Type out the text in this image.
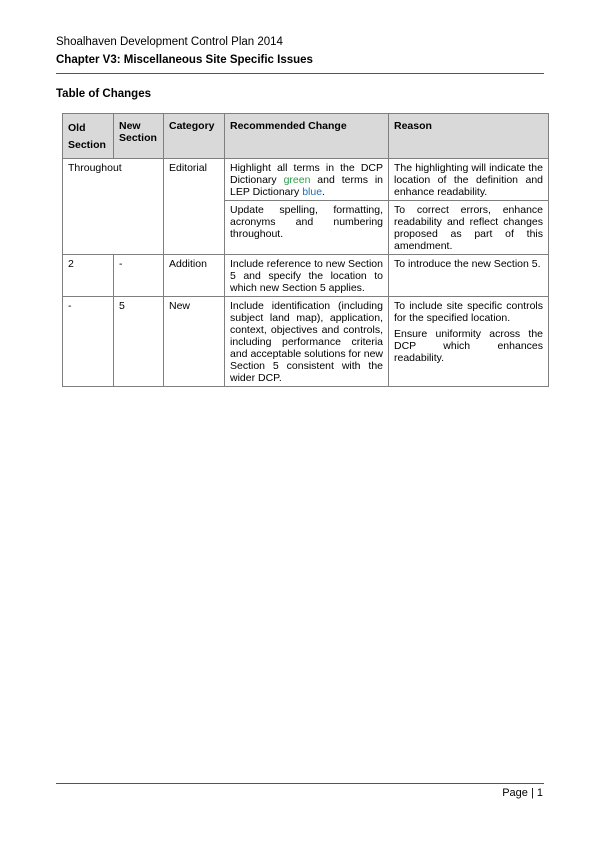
Shoalhaven Development Control Plan 2014
Chapter V3: Miscellaneous Site Specific Issues
Table of Changes
Old
Section	New Section	Category	Recommended Change	Reason
Throughout		Editorial	Highlight all terms in the DCP Dictionary green and terms in LEP Dictionary blue.	The highlighting will indicate the location of the definition and enhance readability.
			Update spelling, formatting, acronyms and numbering throughout.	To correct errors, enhance readability and reflect changes proposed as part of this amendment.
2	-	Addition	Include reference to new Section 5 and specify the location to which new Section 5 applies.	To introduce the new Section 5.
-	5	New	Include identification (including subject land map), application, context, objectives and controls, including performance criteria and acceptable solutions for new Section 5 consistent with the wider DCP.	To include site specific controls for the specified location.
Ensure uniformity across the DCP which enhances readability.
Page | 1
